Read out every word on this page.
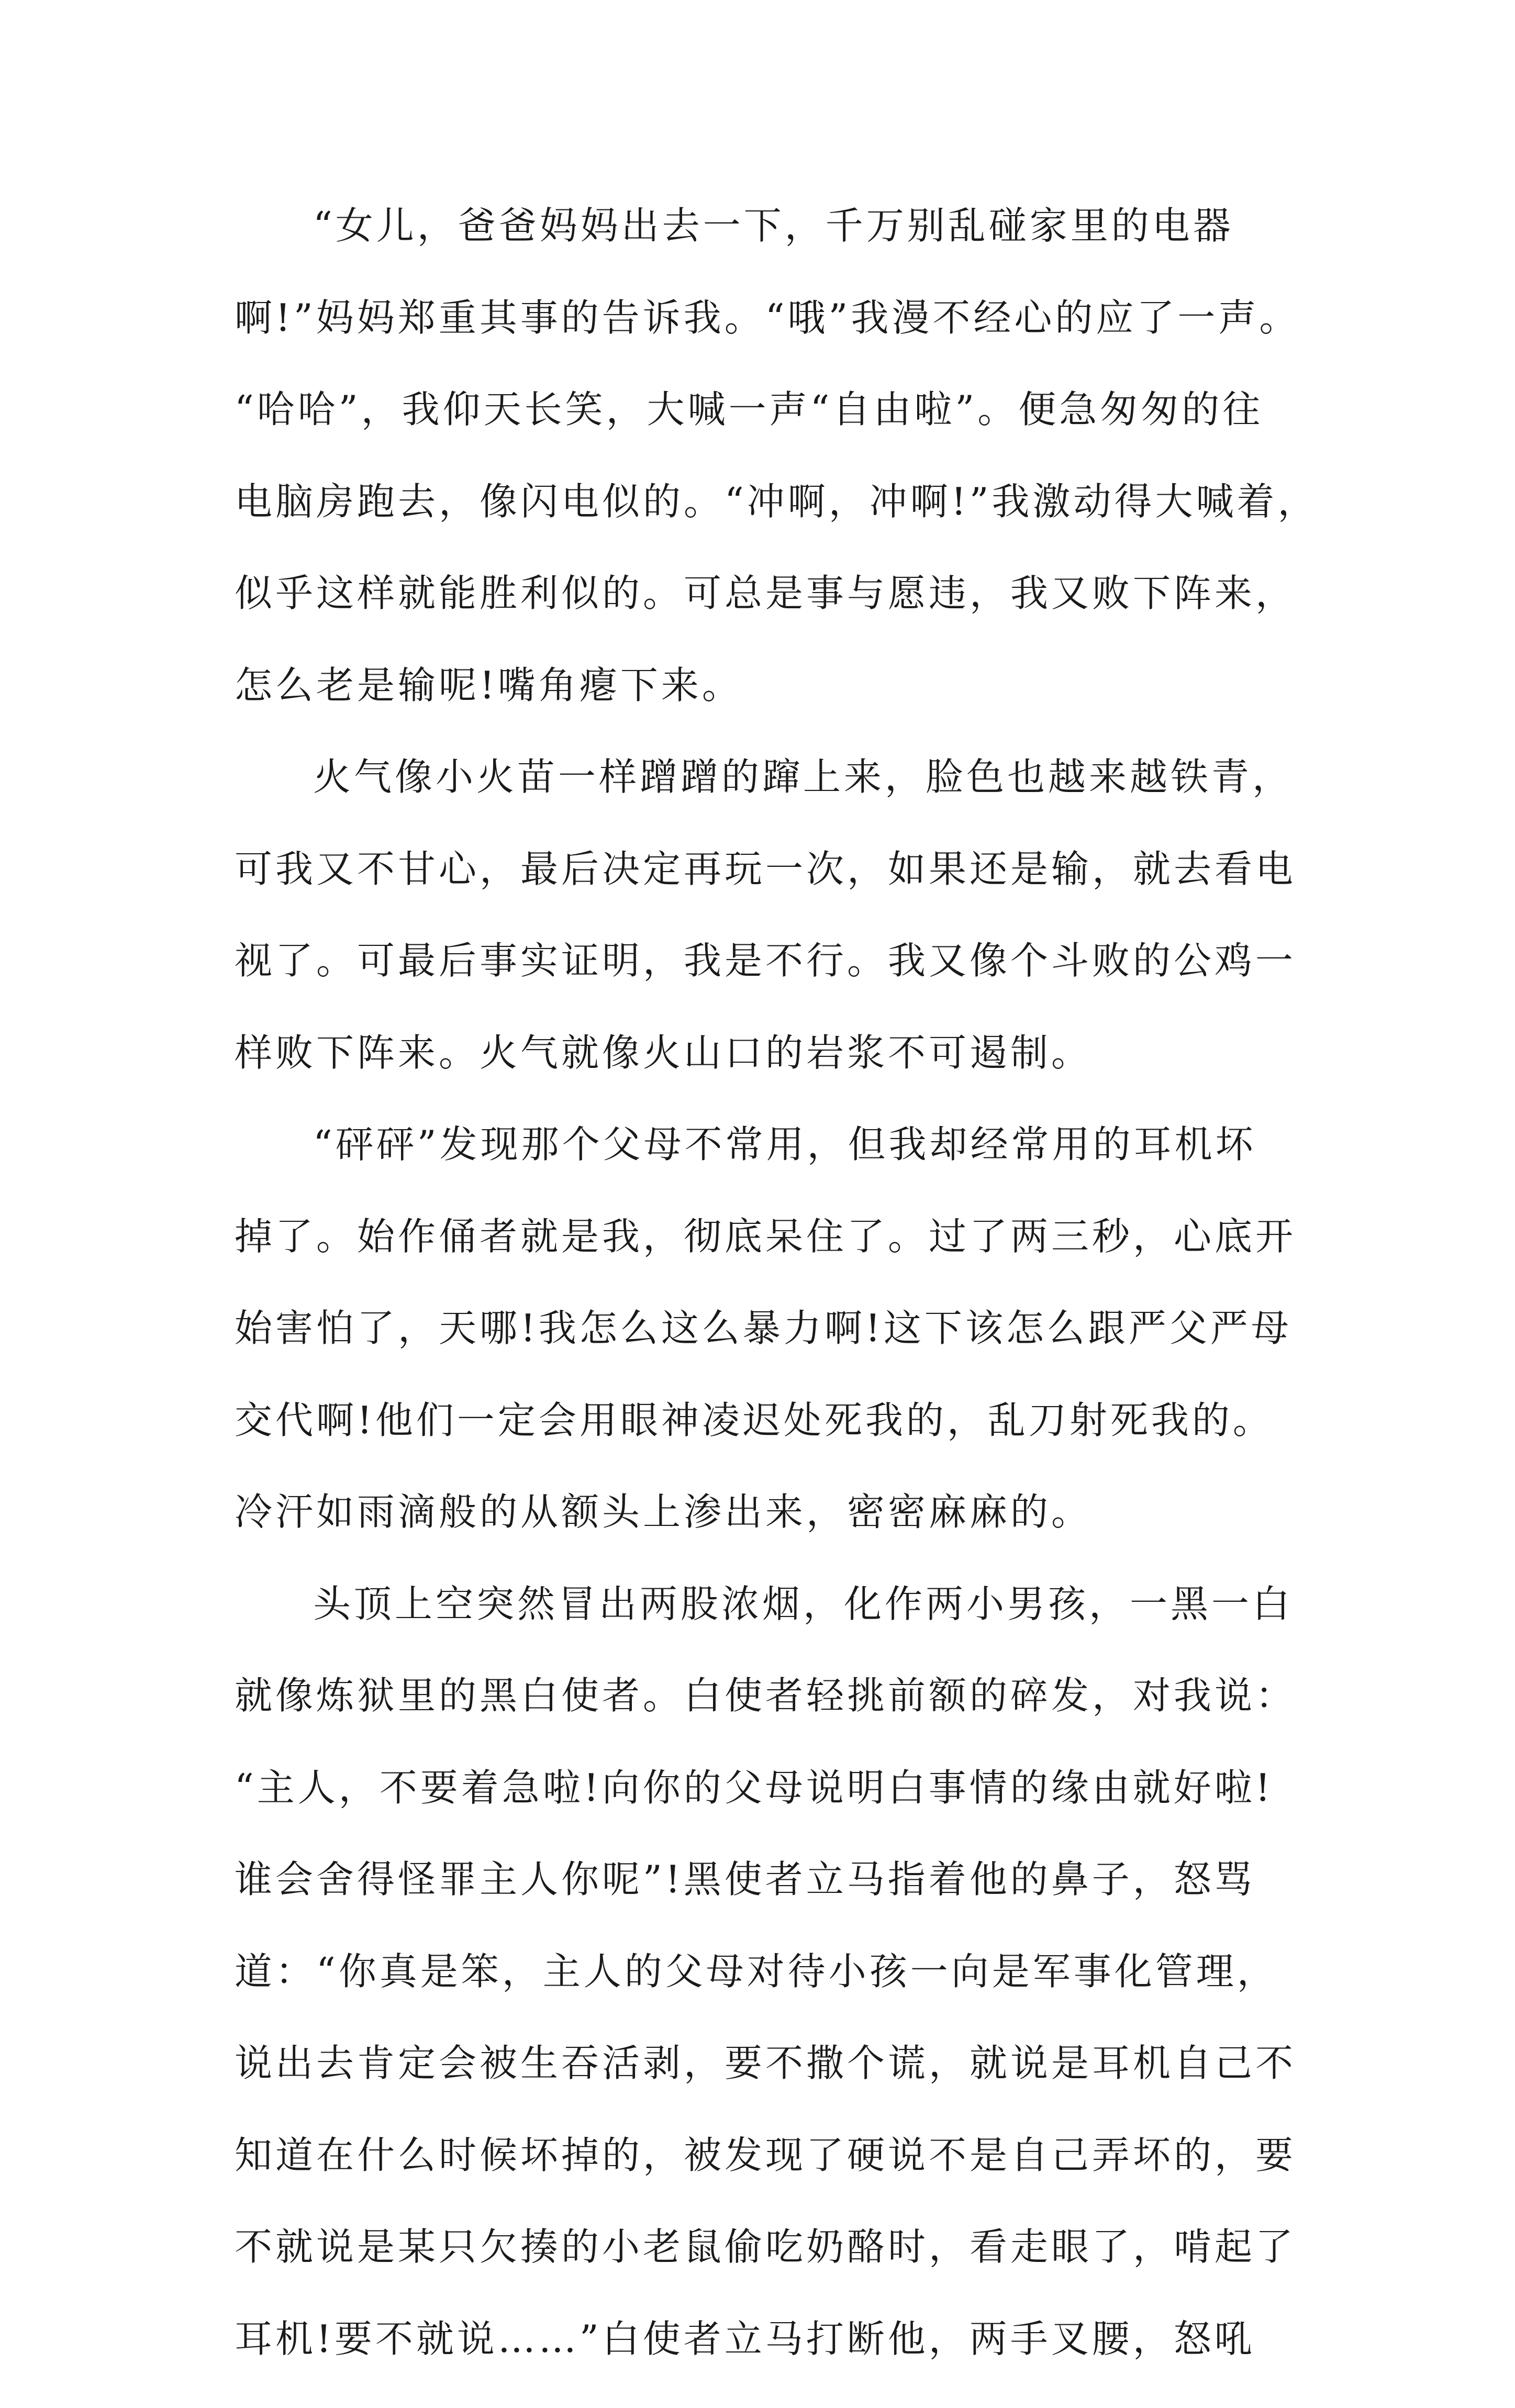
“女儿，爸爸妈妈出去一下，千万别乱碰家里的电器
啊!”妈妈郑重其事的告诉我。“哦”我漫不经心的应了一声。
“哈哈”，我仰天长笑，大喊一声“自由啦”。便急匆匆的往
电脑房跑去，像闪电似的。“冲啊，冲啊!”我激动得大喊着，
似乎这样就能胜利似的。可总是事与愿违，我又败下阵来，
怎么老是输呢!嘴角瘪下来。
火气像小火苗一样蹭蹭的蹿上来，脸色也越来越铁青，
可我又不甘心，最后决定再玩一次，如果还是输，就去看电
视了。可最后事实证明，我是不行。我又像个斗败的公鸡一
样败下阵来。火气就像火山口的岩浆不可遏制。
“砰砰”发现那个父母不常用，但我却经常用的耳机坏
掉了。始作俑者就是我，彻底呆住了。过了两三秒，心底开
始害怕了，天哪!我怎么这么暴力啊!这下该怎么跟严父严母
交代啊!他们一定会用眼神凌迟处死我的，乱刀射死我的。
冷汗如雨滴般的从额头上渗出来，密密麻麻的。
头顶上空突然冒出两股浓烟，化作两小男孩，一黑一白
就像炼狱里的黑白使者。白使者轻挑前额的碎发，对我说：
“主人，不要着急啦!向你的父母说明白事情的缘由就好啦!
谁会舍得怪罪主人你呢”!黑使者立马指着他的鼻子，怒骂
道：“你真是笨，主人的父母对待小孩一向是军事化管理，
说出去肯定会被生吞活剥，要不撒个谎，就说是耳机自己不
知道在什么时候坏掉的，被发现了硬说不是自己弄坏的，要
不就说是某只欠揍的小老鼠偷吃奶酪时，看走眼了，啃起了
耳机!要不就说……”白使者立马打断他，两手叉腰，怒吼
